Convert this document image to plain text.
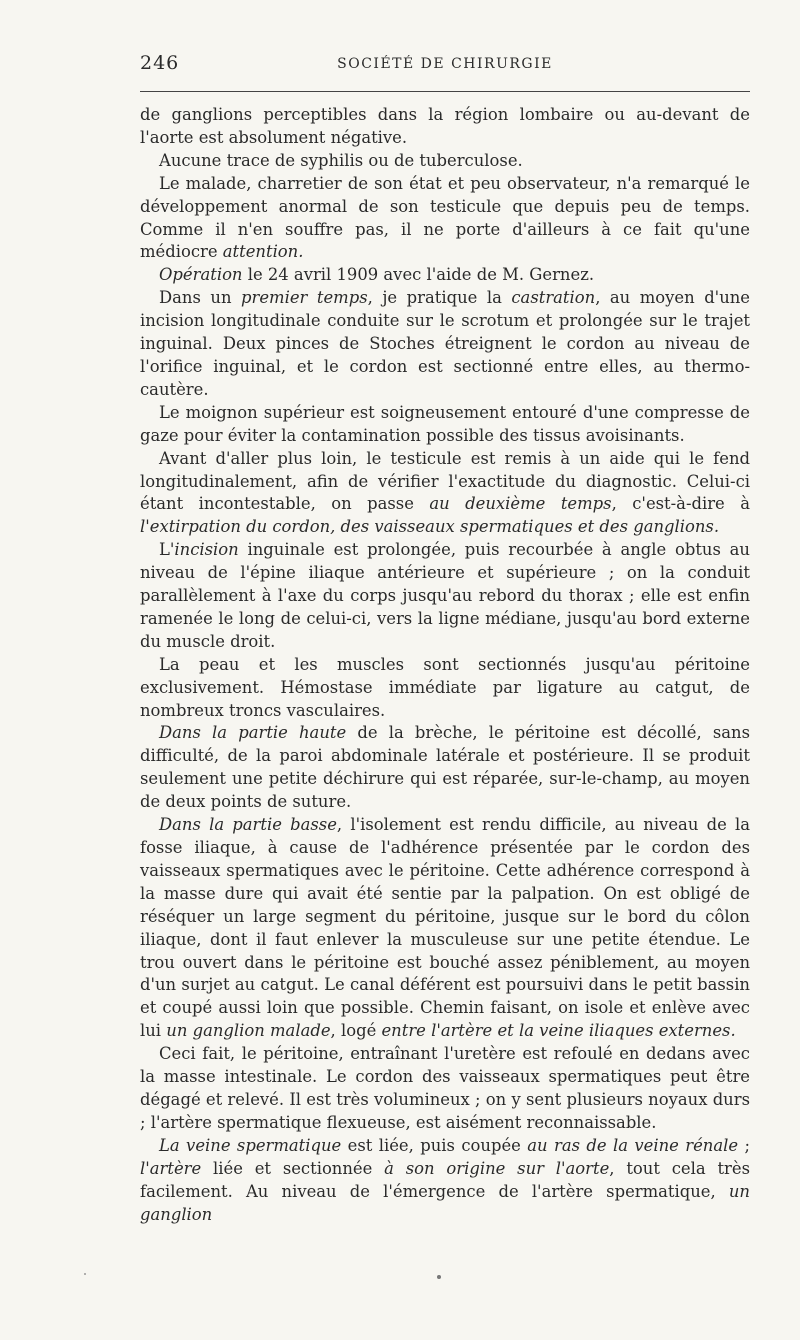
246	SOCIÉTÉ DE CHIRURGIE

de ganglions perceptibles dans la région lombaire ou au-devant de l'aorte est absolument négative.

Aucune trace de syphilis ou de tuberculose.

Le malade, charretier de son état et peu observateur, n'a remarqué le développement anormal de son testicule que depuis peu de temps. Comme il n'en souffre pas, il ne porte d'ailleurs à ce fait qu'une médiocre attention.

Opération le 24 avril 1909 avec l'aide de M. Gernez.

Dans un premier temps, je pratique la castration, au moyen d'une incision longitudinale conduite sur le scrotum et prolongée sur le trajet inguinal. Deux pinces de Stoches étreignent le cordon au niveau de l'orifice inguinal, et le cordon est sectionné entre elles, au thermo-cautère.

Le moignon supérieur est soigneusement entouré d'une compresse de gaze pour éviter la contamination possible des tissus avoisinants.

Avant d'aller plus loin, le testicule est remis à un aide qui le fend longitudinalement, afin de vérifier l'exactitude du diagnostic. Celui-ci étant incontestable, on passe au deuxième temps, c'est-à-dire à l'extirpation du cordon, des vaisseaux spermatiques et des ganglions.

L'incision inguinale est prolongée, puis recourbée à angle obtus au niveau de l'épine iliaque antérieure et supérieure ; on la conduit parallèlement à l'axe du corps jusqu'au rebord du thorax ; elle est enfin ramenée le long de celui-ci, vers la ligne médiane, jusqu'au bord externe du muscle droit.

La peau et les muscles sont sectionnés jusqu'au péritoine exclusivement. Hémostase immédiate par ligature au catgut, de nombreux troncs vasculaires.

Dans la partie haute de la brèche, le péritoine est décollé, sans difficulté, de la paroi abdominale latérale et postérieure. Il se produit seulement une petite déchirure qui est réparée, sur-le-champ, au moyen de deux points de suture.

Dans la partie basse, l'isolement est rendu difficile, au niveau de la fosse iliaque, à cause de l'adhérence présentée par le cordon des vaisseaux spermatiques avec le péritoine. Cette adhérence correspond à la masse dure qui avait été sentie par la palpation. On est obligé de réséquer un large segment du péritoine, jusque sur le bord du côlon iliaque, dont il faut enlever la musculeuse sur une petite étendue. Le trou ouvert dans le péritoine est bouché assez péniblement, au moyen d'un surjet au catgut. Le canal déférent est poursuivi dans le petit bassin et coupé aussi loin que possible. Chemin faisant, on isole et enlève avec lui un ganglion malade, logé entre l'artère et la veine iliaques externes.

Ceci fait, le péritoine, entraînant l'uretère est refoulé en dedans avec la masse intestinale. Le cordon des vaisseaux spermatiques peut être dégagé et relevé. Il est très volumineux ; on y sent plusieurs noyaux durs ; l'artère spermatique flexueuse, est aisément reconnaissable.

La veine spermatique est liée, puis coupée au ras de la veine rénale ; l'artère liée et sectionnée à son origine sur l'aorte, tout cela très facilement. Au niveau de l'émergence de l'artère spermatique, un ganglion
